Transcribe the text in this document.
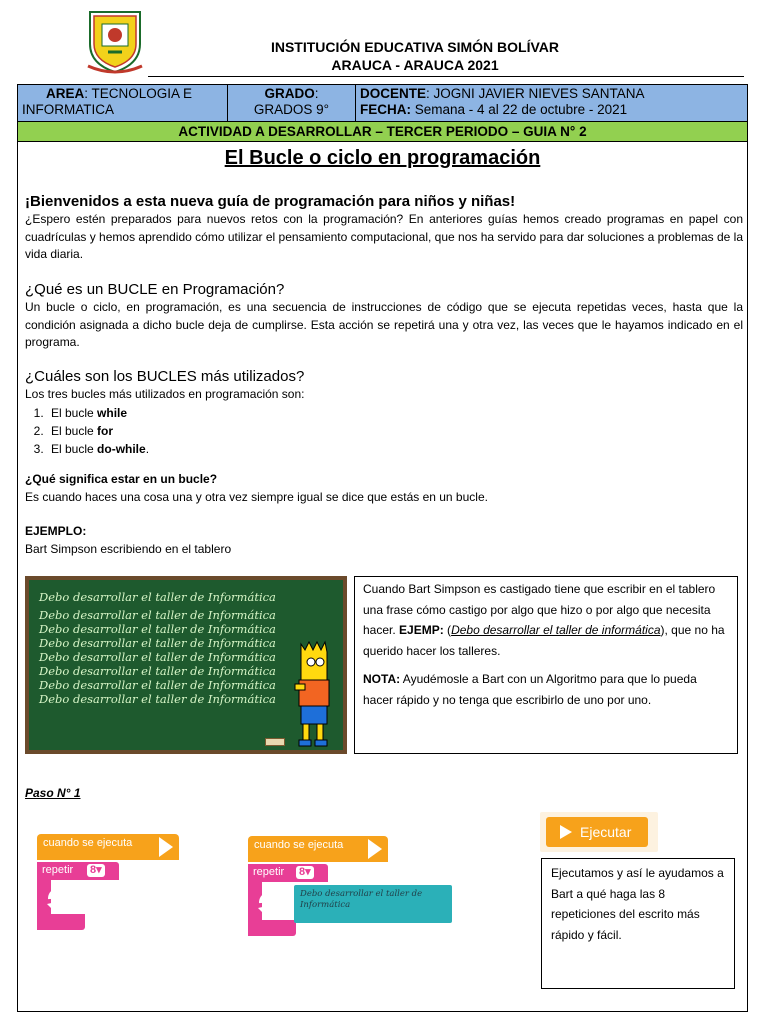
INSTITUCIÓN EDUCATIVA SIMÓN BOLÍVAR
ARAUCA - ARAUCA 2021
AREA: TECNOLOGIA E INFORMATICA
GRADO:
GRADOS 9°
DOCENTE: JOGNI JAVIER NIEVES SANTANA
FECHA: Semana - 4 al 22 de octubre - 2021
ACTIVIDAD A DESARROLLAR – TERCER PERIODO – GUIA N° 2
El Bucle o ciclo en programación
¡Bienvenidos a esta nueva guía de programación para niños y niñas!
¿Espero estén preparados para nuevos retos con la programación? En anteriores guías hemos creado programas en papel con cuadrículas y hemos aprendido cómo utilizar el pensamiento computacional, que nos ha servido para dar soluciones a problemas de la vida diaria.
¿Qué es un BUCLE en Programación?
Un bucle o ciclo, en programación, es una secuencia de instrucciones de código que se ejecuta repetidas veces, hasta que la condición asignada a dicho bucle deja de cumplirse. Esta acción se repetirá una y otra vez, las veces que le hayamos indicado en el programa.
¿Cuáles son los BUCLES más utilizados?
Los tres bucles más utilizados en programación son:
1. El bucle while
2. El bucle for
3. El bucle do-while.
¿Qué significa estar en un bucle?
Es cuando haces una cosa una y otra vez siempre igual se dice que estás en un bucle.
EJEMPLO:
Bart Simpson escribiendo en el tablero
Debo desarrollar el taller de Informática
Debo desarrollar el taller de Informática
Debo desarrollar el taller de Informática
Debo desarrollar el taller de Informática
Debo desarrollar el taller de Informática
Debo desarrollar el taller de Informática
Debo desarrollar el taller de Informática
Debo desarrollar el taller de Informática

Cuando Bart Simpson es castigado tiene que escribir en el tablero una frase cómo castigo por algo que hizo o por algo que necesita hacer. EJEMP: (Debo desarrollar el taller de informática), que no ha querido hacer los talleres.

NOTA: Ayudémosle a Bart con un Algoritmo para que lo pueda hacer rápido y no tenga que escribirlo de uno por uno.

Paso N° 1
cuando se ejecuta
repetir 8▾
cuando se ejecuta
repetir 8▾
Debo desarrollar el taller de Informática
Ejecutar
Ejecutamos y así le ayudamos a Bart a qué haga las 8 repeticiones del escrito más rápido y fácil.
